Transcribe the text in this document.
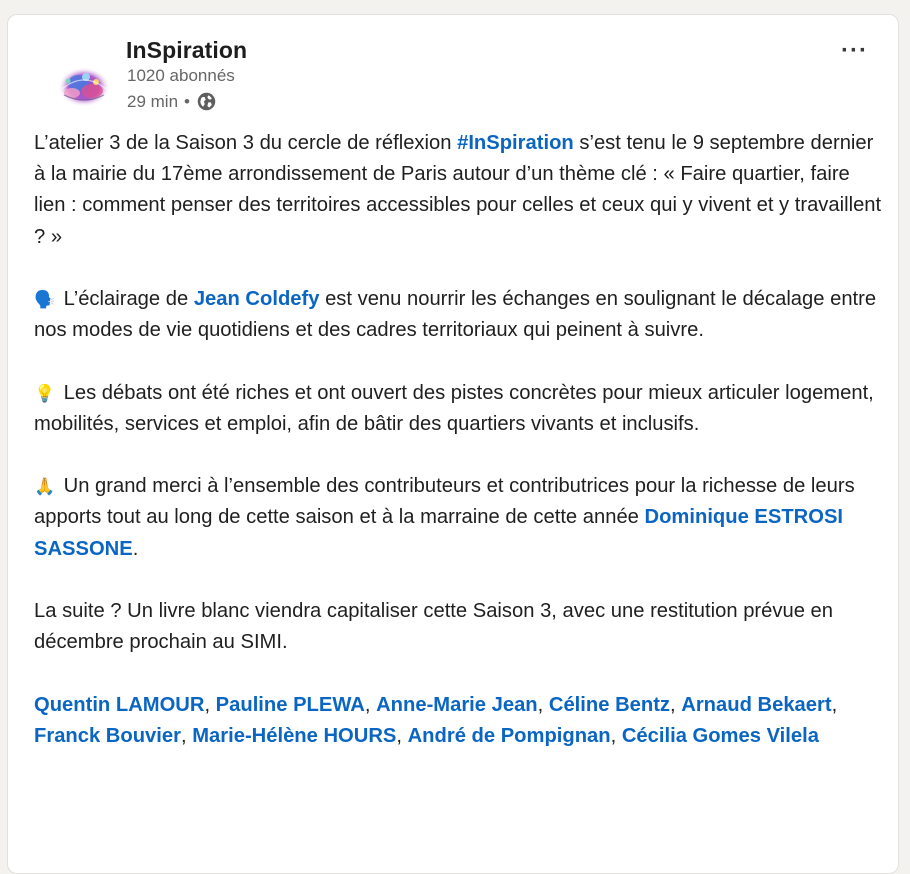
InSpiration
1020 abonnés
29 min •
···

L’atelier 3 de la Saison 3 du cercle de réflexion #InSpiration s’est tenu le 9 septembre dernier à la mairie du 17ème arrondissement de Paris autour d’un thème clé : « Faire quartier, faire lien : comment penser des territoires accessibles pour celles et ceux qui y vivent et y travaillent ? »

🗣️ L’éclairage de Jean Coldefy est venu nourrir les échanges en soulignant le décalage entre nos modes de vie quotidiens et des cadres territoriaux qui peinent à suivre.

💡 Les débats ont été riches et ont ouvert des pistes concrètes pour mieux articuler logement, mobilités, services et emploi, afin de bâtir des quartiers vivants et inclusifs.

🙏 Un grand merci à l’ensemble des contributeurs et contributrices pour la richesse de leurs apports tout au long de cette saison et à la marraine de cette année Dominique ESTROSI SASSONE.

La suite ? Un livre blanc viendra capitaliser cette Saison 3, avec une restitution prévue en décembre prochain au SIMI.

Quentin LAMOUR, Pauline PLEWA, Anne-Marie Jean, Céline Bentz, Arnaud Bekaert, Franck Bouvier, Marie-Hélène HOURS, André de Pompignan, Cécilia Gomes Vilela
